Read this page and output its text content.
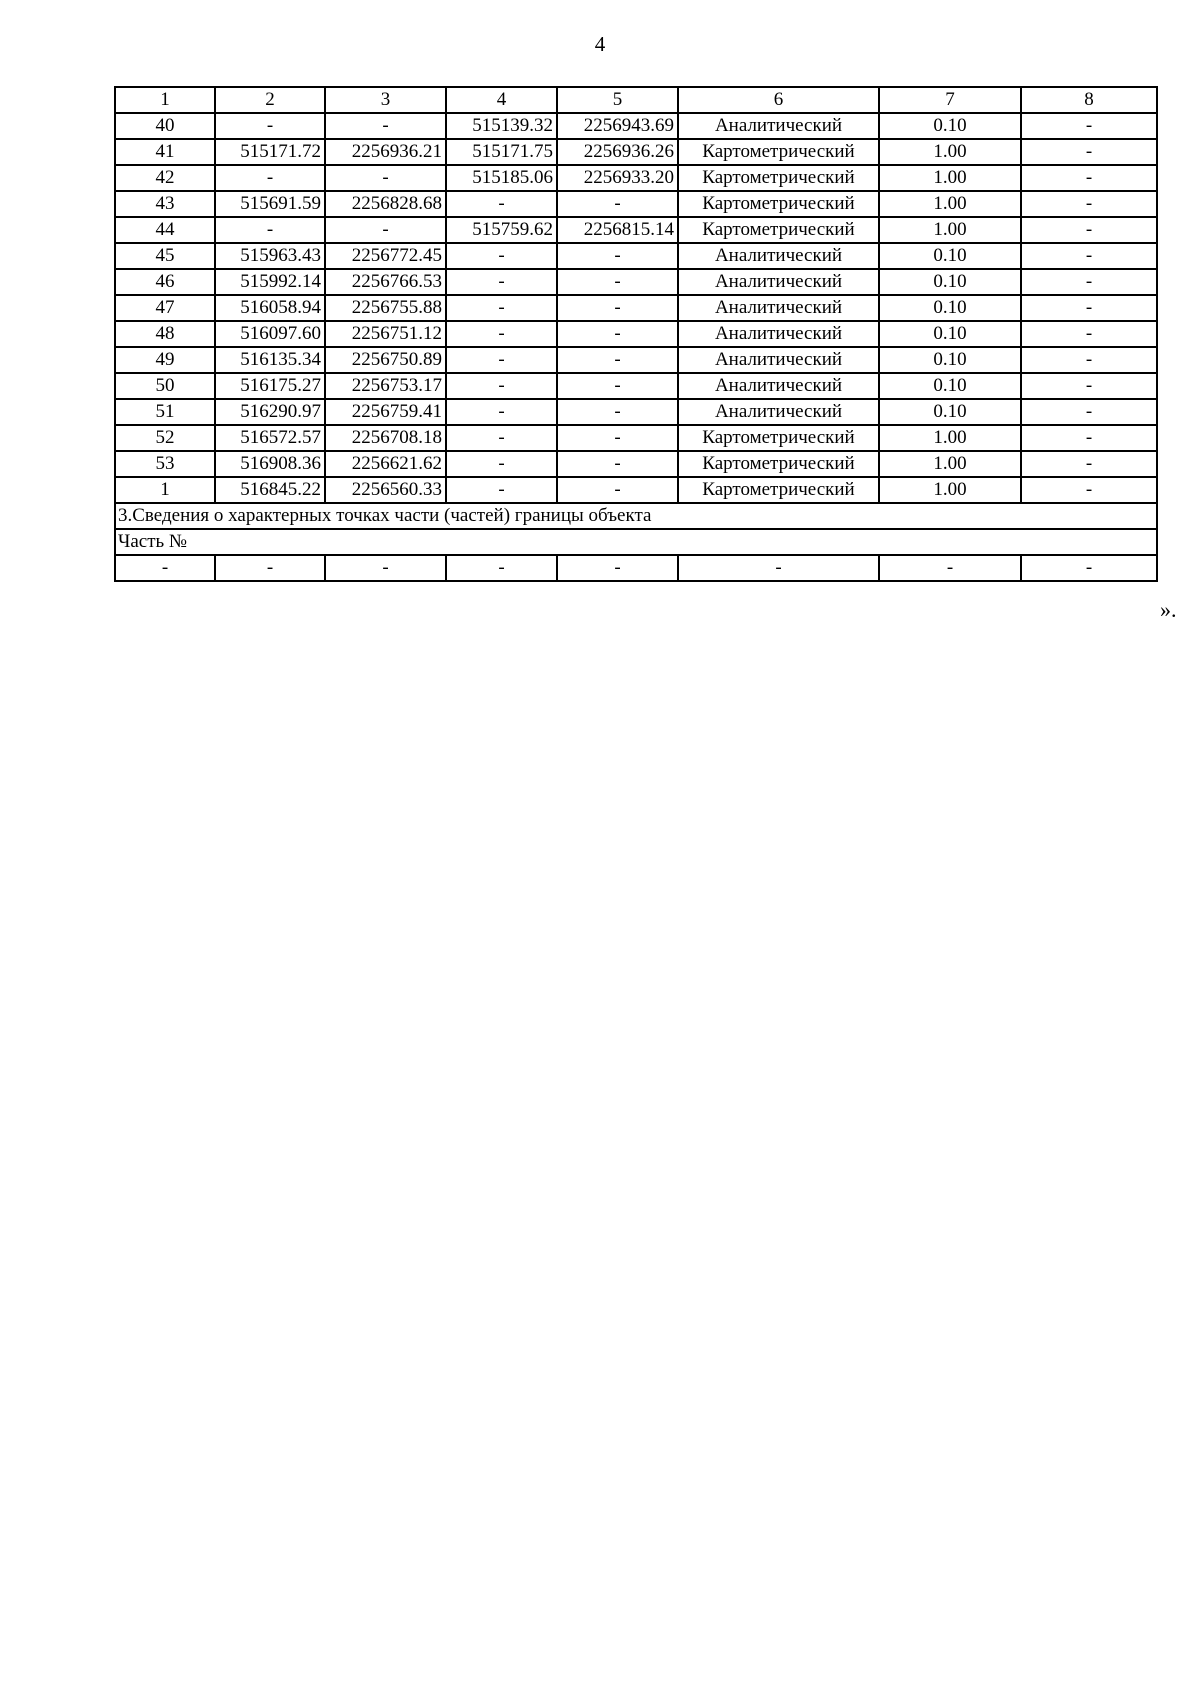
4
1	2	3	4	5	6	7	8
40	-	-	515139.32	2256943.69	Аналитический	0.10	-
41	515171.72	2256936.21	515171.75	2256936.26	Картометрический	1.00	-
42	-	-	515185.06	2256933.20	Картометрический	1.00	-
43	515691.59	2256828.68	-	-	Картометрический	1.00	-
44	-	-	515759.62	2256815.14	Картометрический	1.00	-
45	515963.43	2256772.45	-	-	Аналитический	0.10	-
46	515992.14	2256766.53	-	-	Аналитический	0.10	-
47	516058.94	2256755.88	-	-	Аналитический	0.10	-
48	516097.60	2256751.12	-	-	Аналитический	0.10	-
49	516135.34	2256750.89	-	-	Аналитический	0.10	-
50	516175.27	2256753.17	-	-	Аналитический	0.10	-
51	516290.97	2256759.41	-	-	Аналитический	0.10	-
52	516572.57	2256708.18	-	-	Картометрический	1.00	-
53	516908.36	2256621.62	-	-	Картометрический	1.00	-
1	516845.22	2256560.33	-	-	Картометрический	1.00	-
3.Сведения о характерных точках части (частей) границы объекта							
Часть №							
-	-	-	-	-	-	-	-
».
